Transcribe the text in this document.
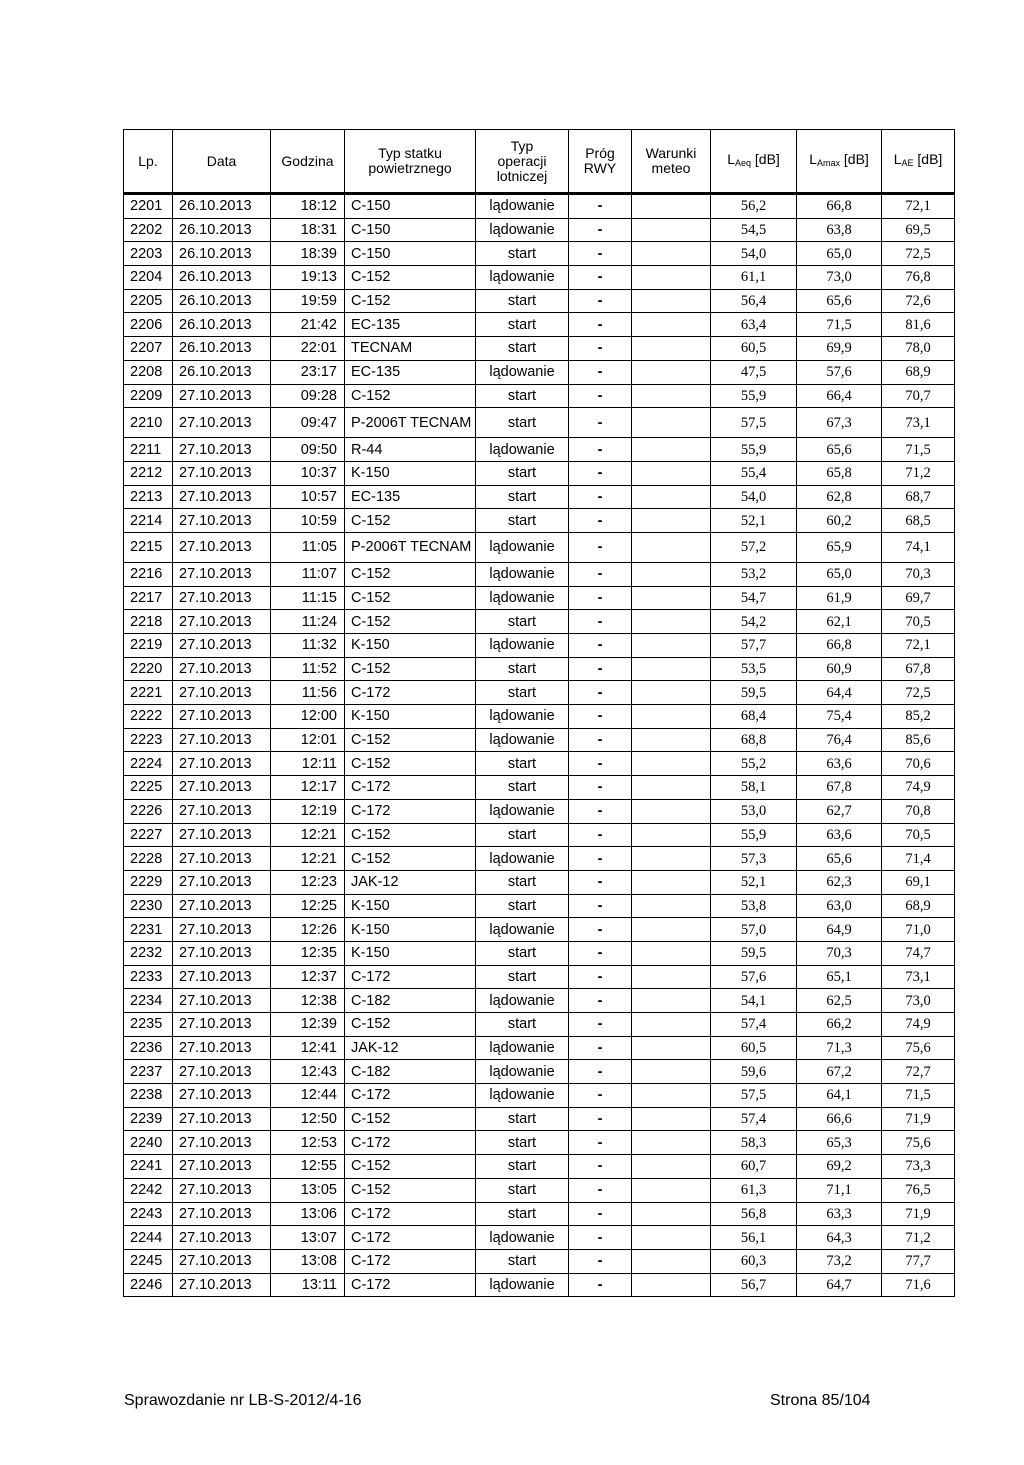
Lp.	Data	Godzina	Typ statku powietrznego	Typ operacji lotniczej	Próg RWY	Warunki meteo	$L_{Aeq}$ [dB]	$L_{Amax}$ [dB]	$L_{AE}$ [dB]
2201	26.10.2013	18:12	C-150	lądowanie	-		56,2	66,8	72,1
2202	26.10.2013	18:31	C-150	lądowanie	-		54,5	63,8	69,5
2203	26.10.2013	18:39	C-150	start	-		54,0	65,0	72,5
2204	26.10.2013	19:13	C-152	lądowanie	-		61,1	73,0	76,8
2205	26.10.2013	19:59	C-152	start	-		56,4	65,6	72,6
2206	26.10.2013	21:42	EC-135	start	-		63,4	71,5	81,6
2207	26.10.2013	22:01	TECNAM	start	-		60,5	69,9	78,0
2208	26.10.2013	23:17	EC-135	lądowanie	-		47,5	57,6	68,9
2209	27.10.2013	09:28	C-152	start	-		55,9	66,4	70,7
2210	27.10.2013	09:47	P-2006T TECNAM	start	-		57,5	67,3	73,1
2211	27.10.2013	09:50	R-44	lądowanie	-		55,9	65,6	71,5
2212	27.10.2013	10:37	K-150	start	-		55,4	65,8	71,2
2213	27.10.2013	10:57	EC-135	start	-		54,0	62,8	68,7
2214	27.10.2013	10:59	C-152	start	-		52,1	60,2	68,5
2215	27.10.2013	11:05	P-2006T TECNAM	lądowanie	-		57,2	65,9	74,1
2216	27.10.2013	11:07	C-152	lądowanie	-		53,2	65,0	70,3
2217	27.10.2013	11:15	C-152	lądowanie	-		54,7	61,9	69,7
2218	27.10.2013	11:24	C-152	start	-		54,2	62,1	70,5
2219	27.10.2013	11:32	K-150	lądowanie	-		57,7	66,8	72,1
2220	27.10.2013	11:52	C-152	start	-		53,5	60,9	67,8
2221	27.10.2013	11:56	C-172	start	-		59,5	64,4	72,5
2222	27.10.2013	12:00	K-150	lądowanie	-		68,4	75,4	85,2
2223	27.10.2013	12:01	C-152	lądowanie	-		68,8	76,4	85,6
2224	27.10.2013	12:11	C-152	start	-		55,2	63,6	70,6
2225	27.10.2013	12:17	C-172	start	-		58,1	67,8	74,9
2226	27.10.2013	12:19	C-172	lądowanie	-		53,0	62,7	70,8
2227	27.10.2013	12:21	C-152	start	-		55,9	63,6	70,5
2228	27.10.2013	12:21	C-152	lądowanie	-		57,3	65,6	71,4
2229	27.10.2013	12:23	JAK-12	start	-		52,1	62,3	69,1
2230	27.10.2013	12:25	K-150	start	-		53,8	63,0	68,9
2231	27.10.2013	12:26	K-150	lądowanie	-		57,0	64,9	71,0
2232	27.10.2013	12:35	K-150	start	-		59,5	70,3	74,7
2233	27.10.2013	12:37	C-172	start	-		57,6	65,1	73,1
2234	27.10.2013	12:38	C-182	lądowanie	-		54,1	62,5	73,0
2235	27.10.2013	12:39	C-152	start	-		57,4	66,2	74,9
2236	27.10.2013	12:41	JAK-12	lądowanie	-		60,5	71,3	75,6
2237	27.10.2013	12:43	C-182	lądowanie	-		59,6	67,2	72,7
2238	27.10.2013	12:44	C-172	lądowanie	-		57,5	64,1	71,5
2239	27.10.2013	12:50	C-152	start	-		57,4	66,6	71,9
2240	27.10.2013	12:53	C-172	start	-		58,3	65,3	75,6
2241	27.10.2013	12:55	C-152	start	-		60,7	69,2	73,3
2242	27.10.2013	13:05	C-152	start	-		61,3	71,1	76,5
2243	27.10.2013	13:06	C-172	start	-		56,8	63,3	71,9
2244	27.10.2013	13:07	C-172	lądowanie	-		56,1	64,3	71,2
2245	27.10.2013	13:08	C-172	start	-		60,3	73,2	77,7
2246	27.10.2013	13:11	C-172	lądowanie	-		56,7	64,7	71,6
Sprawozdanie nr LB-S-2012/4-16	Strona 85/104
